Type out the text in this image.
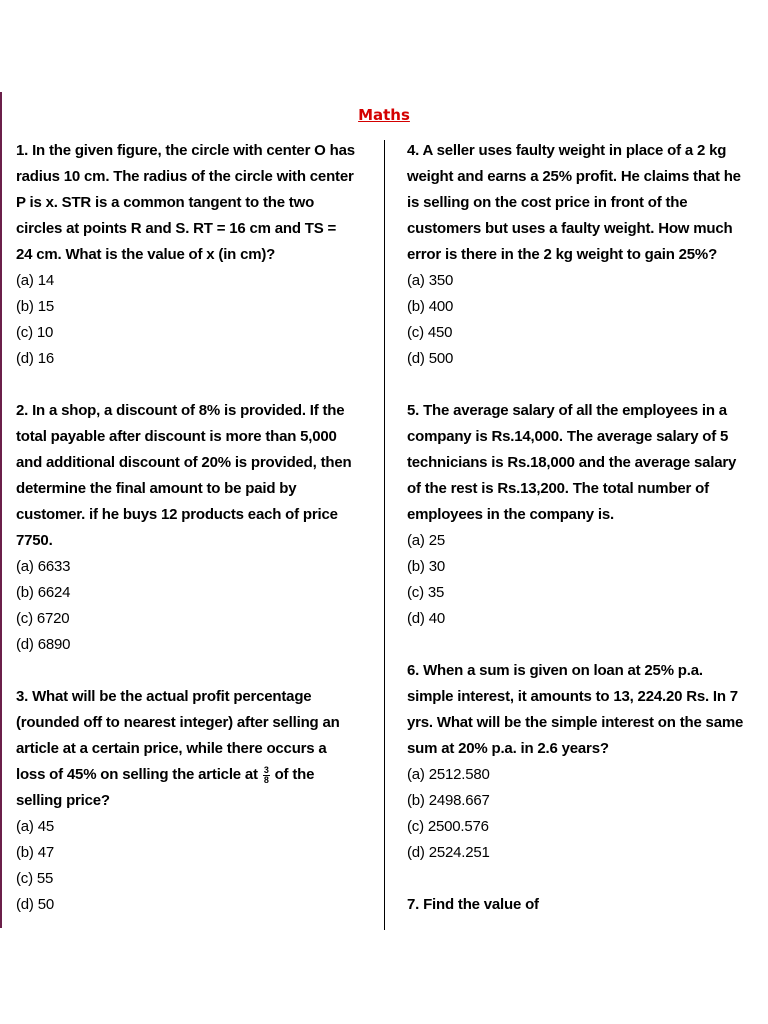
Maths
1. In the given figure, the circle with center O has
radius 10 cm. The radius of the circle with center
P is x. STR is a common tangent to the two
circles at points R and S. RT = 16 cm and TS =
24 cm. What is the value of x (in cm)?
(a) 14
(b) 15
(c) 10
(d) 16
2. In a shop, a discount of 8% is provided. If the
total payable after discount is more than 5,000
and additional discount of 20% is provided, then
determine the final amount to be paid by
customer. if he buys 12 products each of price
7750.
(a) 6633
(b) 6624
(c) 6720
(d) 6890
3. What will be the actual profit percentage
(rounded off to nearest integer) after selling an
article at a certain price, while there occurs a
loss of 45% on selling the article at $\frac{3}{8}$ of the
selling price?
(a) 45
(b) 47
(c) 55
(d) 50
4. A seller uses faulty weight in place of a 2 kg
weight and earns a 25% profit. He claims that he
is selling on the cost price in front of the
customers but uses a faulty weight. How much
error is there in the 2 kg weight to gain 25%?
(a) 350
(b) 400
(c) 450
(d) 500
5. The average salary of all the employees in a
company is Rs.14,000. The average salary of 5
technicians is Rs.18,000 and the average salary
of the rest is Rs.13,200. The total number of
employees in the company is.
(a) 25
(b) 30
(c) 35
(d) 40
6. When a sum is given on loan at 25% p.a.
simple interest, it amounts to 13, 224.20 Rs. In 7
yrs. What will be the simple interest on the same
sum at 20% p.a. in 2.6 years?
(a) 2512.580
(b) 2498.667
(c) 2500.576
(d) 2524.251
7. Find the value of
